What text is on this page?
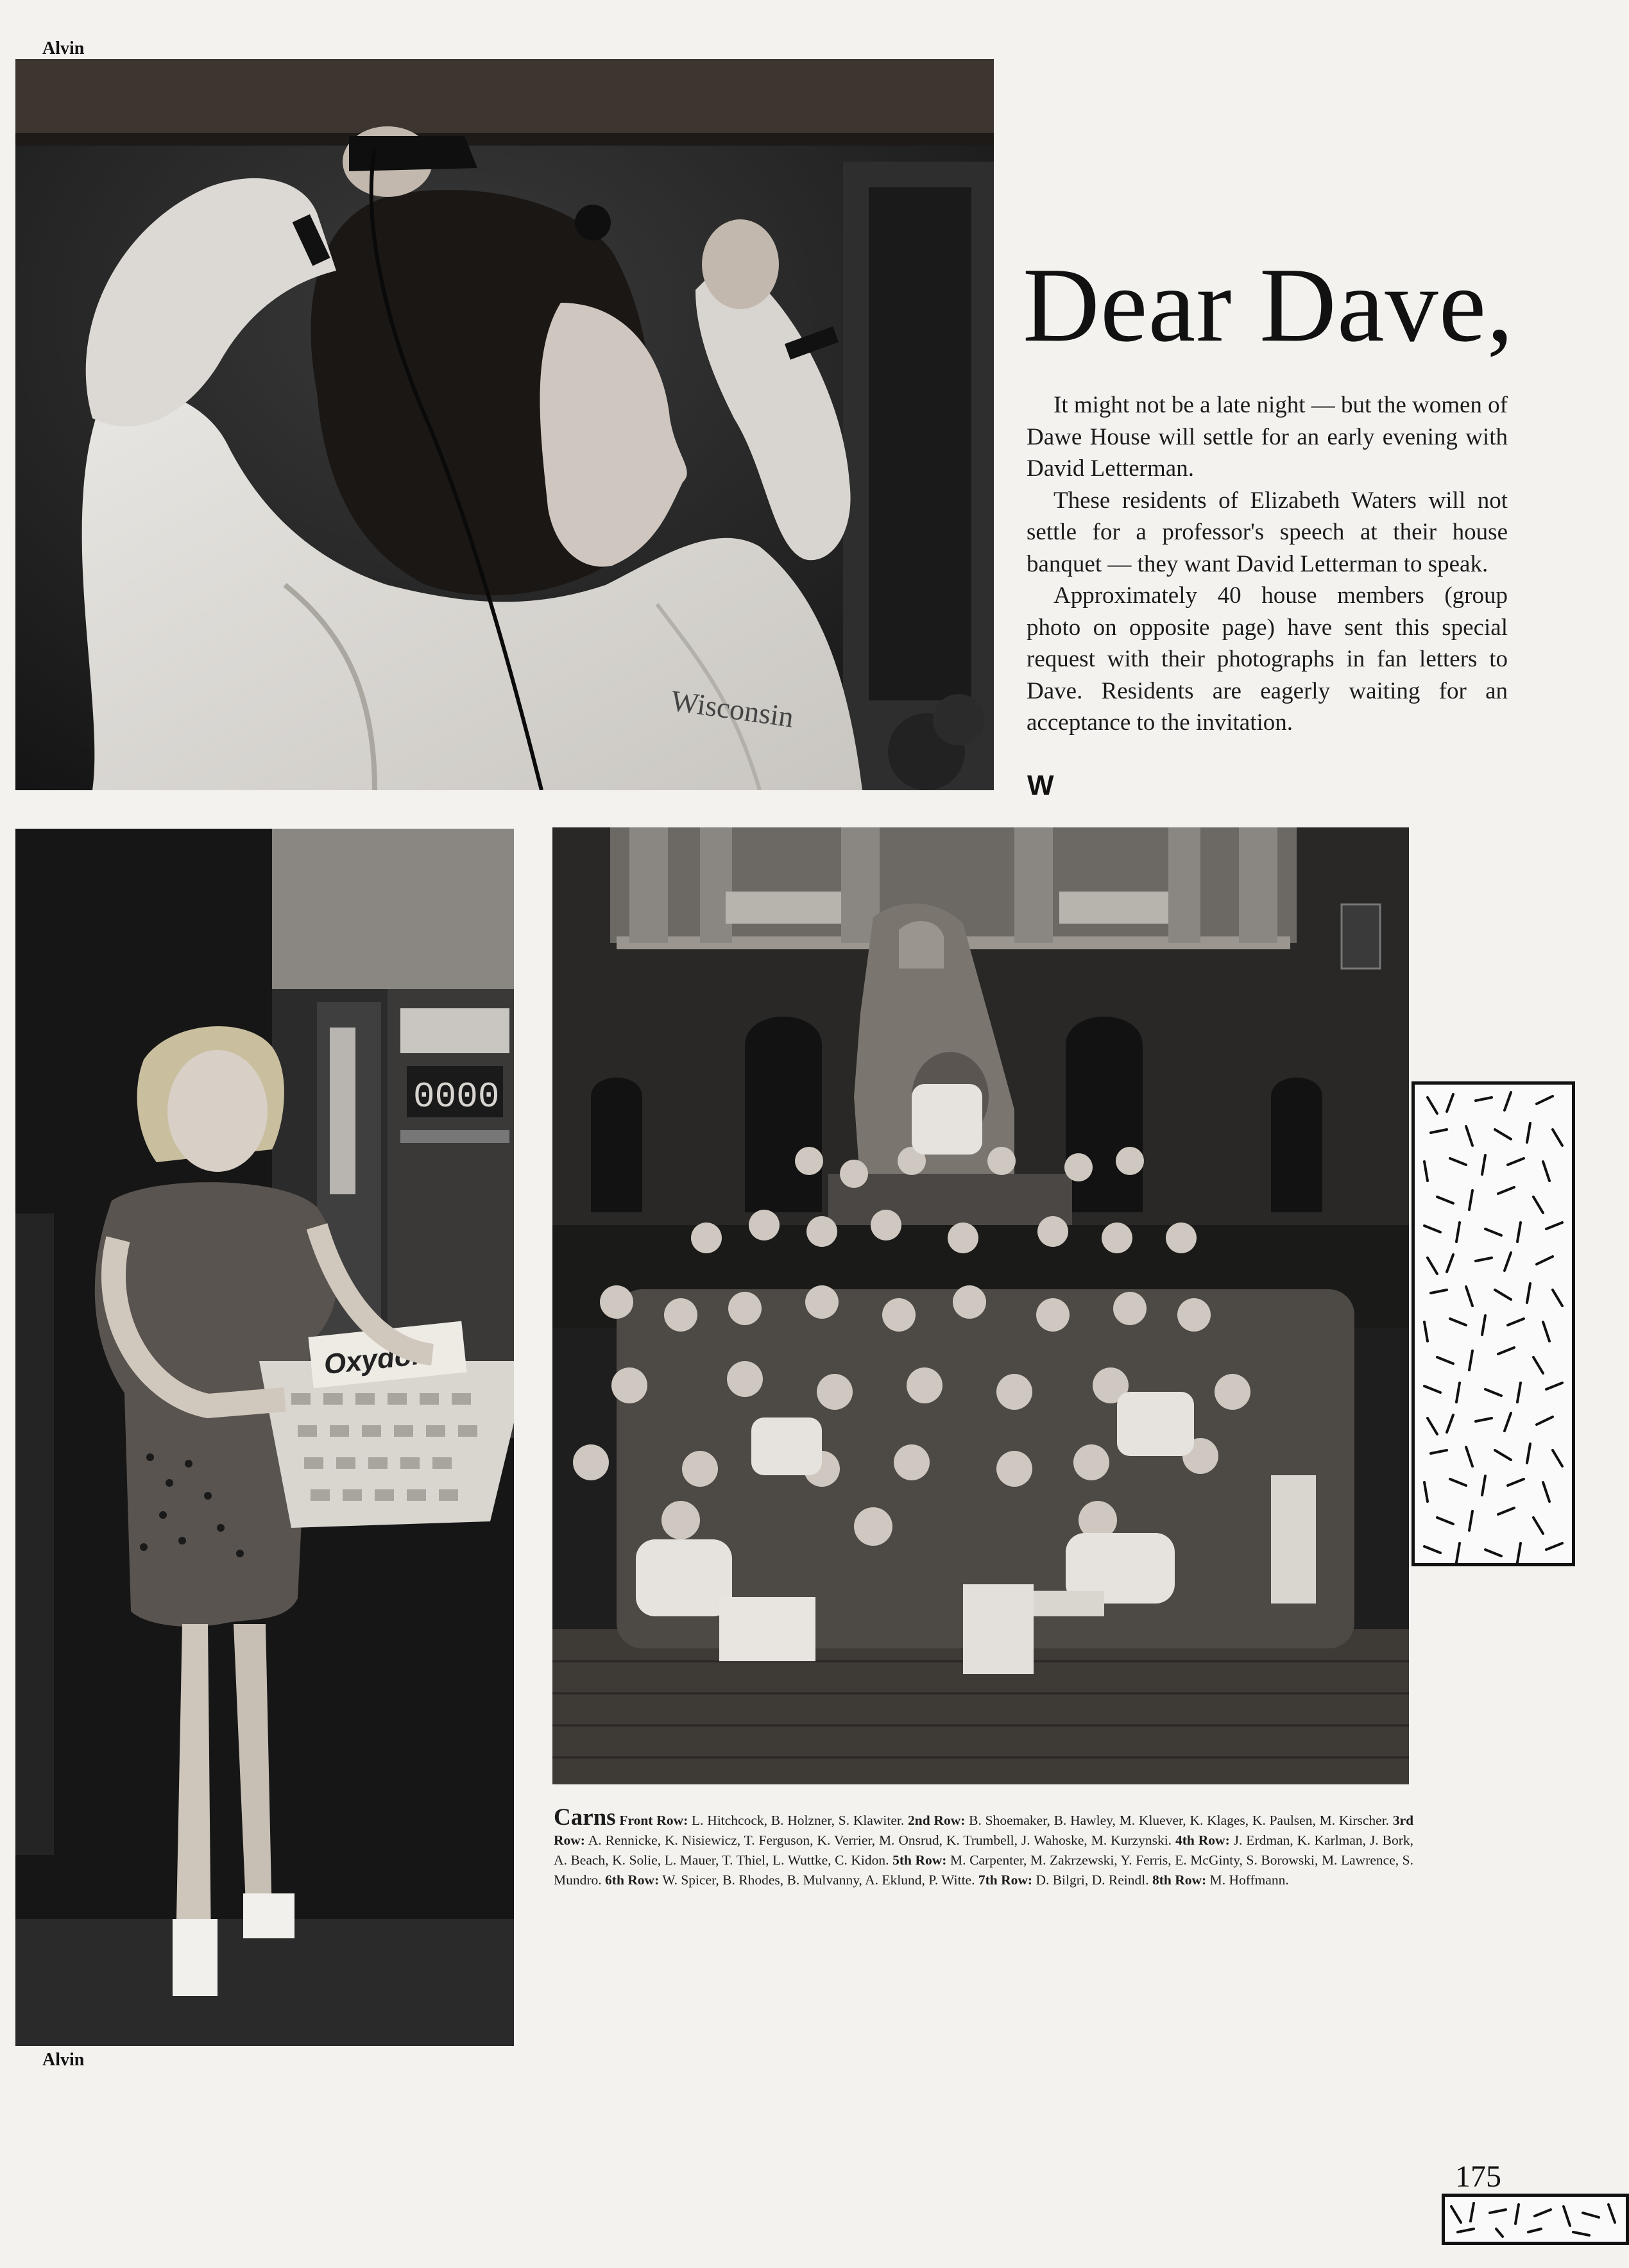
Alvin
Wisconsin
Dear Dave,

It might not be a late night — but the women of Dawe House will settle for an early evening with David Letterman.

These residents of Elizabeth Waters will not settle for a professor's speech at their house banquet — they want David Letterman to speak.

Approximately 40 house members (group photo on opposite page) have sent this special request with their photographs in fan letters to Dave. Residents are eagerly waiting for an acceptance to the invitation.

W
0000
Oxydol
Alvin
Carns Front Row: L. Hitchcock, B. Holzner, S. Klawiter. 2nd Row: B. Shoemaker, B. Hawley, M. Kluever, K. Klages, K. Paulsen, M. Kirscher. 3rd Row: A. Rennicke, K. Nisiewicz, T. Ferguson, K. Verrier, M. Onsrud, K. Trumbell, J. Wahoske, M. Kurzynski. 4th Row: J. Erdman, K. Karlman, J. Bork, A. Beach, K. Solie, L. Mauer, T. Thiel, L. Wuttke, C. Kidon. 5th Row: M. Carpenter, M. Zakrzewski, Y. Ferris, E. McGinty, S. Borowski, M. Lawrence, S. Mundro. 6th Row: W. Spicer, B. Rhodes, B. Mulvanny, A. Eklund, P. Witte. 7th Row: D. Bilgri, D. Reindl. 8th Row: M. Hoffmann.
175
